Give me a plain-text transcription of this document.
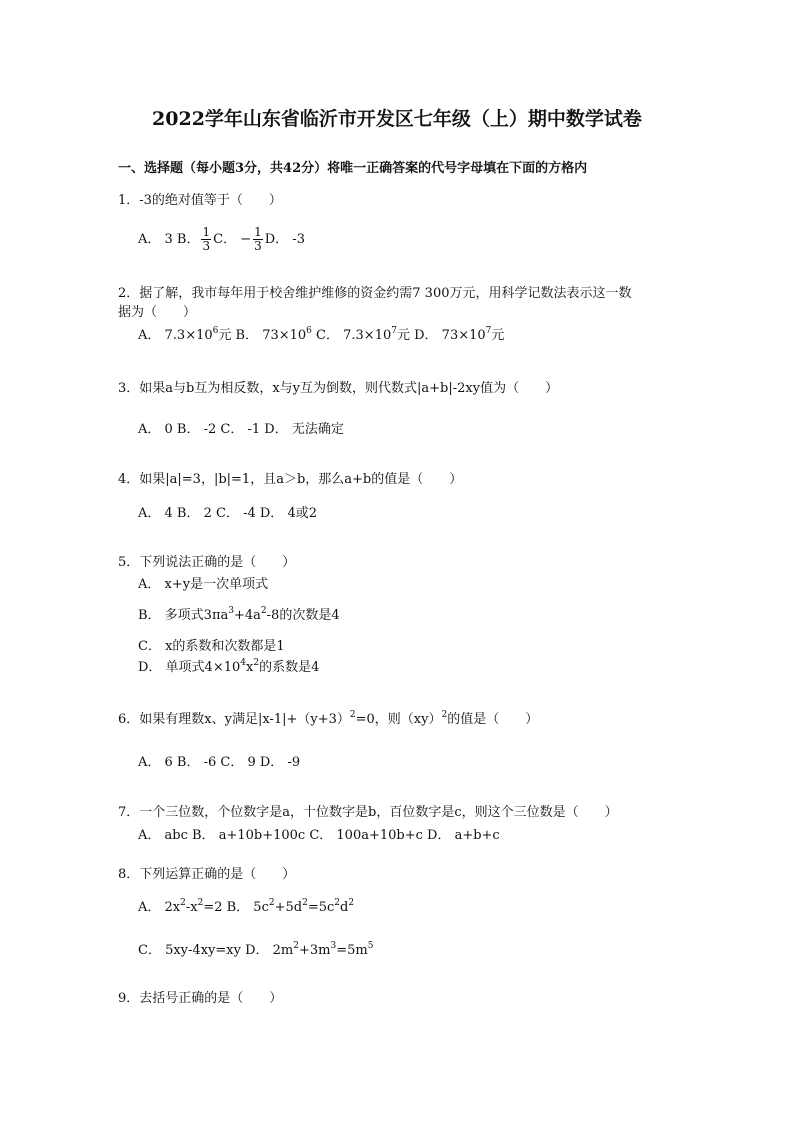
2022学年山东省临沂市开发区七年级（上）期中数学试卷
一、选择题（每小题3分，共42分）将唯一正确答案的代号字母填在下面的方格内
1．-3的绝对值等于（　　）
A． 3 B． $\frac{1}{3}$ C． − $\frac{1}{3}$ D． -3
2．据了解，我市每年用于校舍维护维修的资金约需7 300万元，用科学记数法表示这一数
据为（　　）
A． $7.3\times 10^6$元 B． $73\times 10^6$ C． $7.3\times 10^7$元 D． $73\times 10^7$元
3．如果a与b互为相反数，x与y互为倒数，则代数式|a+b|-2xy值为（　　）
A． 0 B． -2 C． -1 D． 无法确定
4．如果|a|=3，|b|=1，且a＞b，那么a+b的值是（　　）
A． 4 B． 2 C． -4 D． 4或2
5．下列说法正确的是（　　）
A． x+y是一次单项式
B． 多项式$3\pi a^3+4a^2-8$的次数是4
C． x的系数和次数都是1
D． 单项式$4\times 10^4x^2$的系数是4
6．如果有理数x、y满足$|x-1|+(y+3)^2=0$，则（xy）$^2$的值是（　　）
A． 6 B． -6 C． 9 D． -9
7．一个三位数，个位数字是a，十位数字是b，百位数字是c，则这个三位数是（　　）
A． abc B． a+10b+100c C． 100a+10b+c D． a+b+c
8．下列运算正确的是（　　）
A． $2x^2-x^2=2$ B． $5c^2+5d^2=5c^2d^2$
C． 5xy-4xy=xy D． $2m^2+3m^3=5m^5$
9．去括号正确的是（　　）
